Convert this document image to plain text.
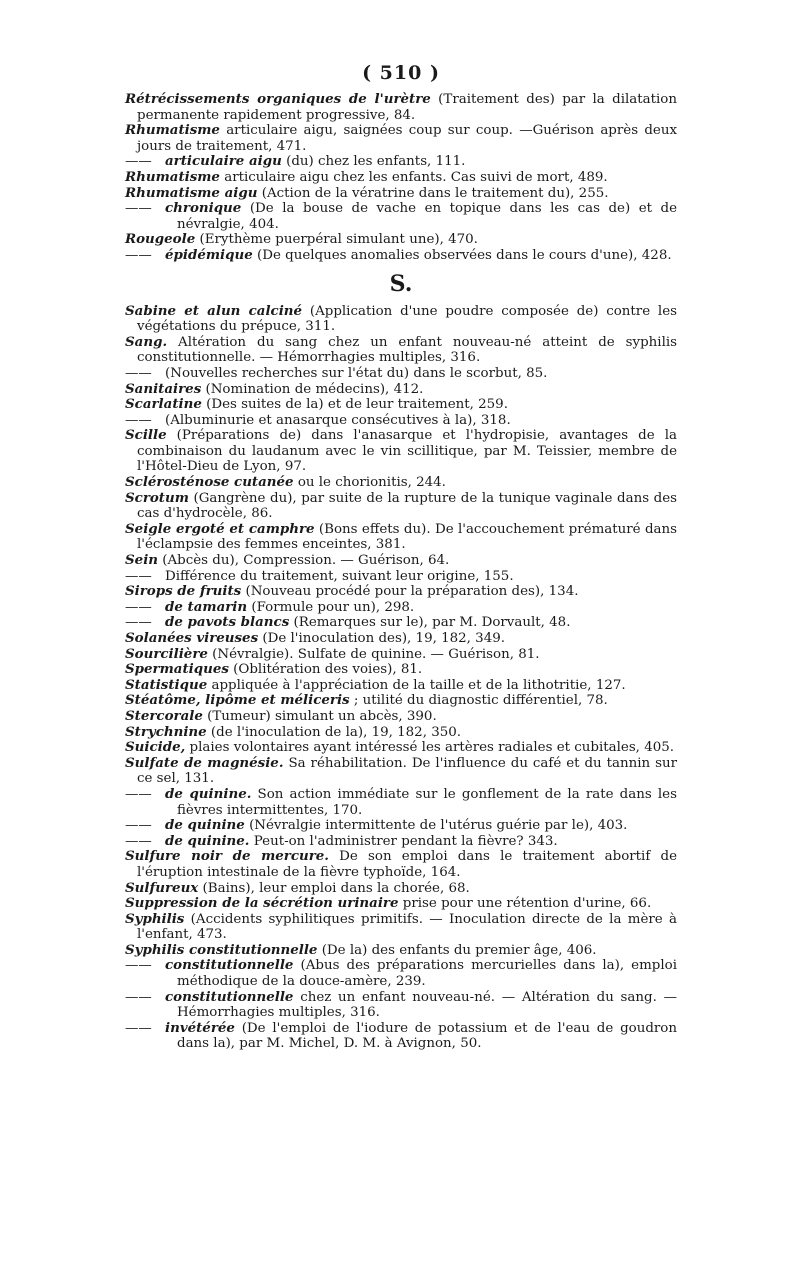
( 510 )
Rétrécissements organiques de l'urètre (Traitement des) par la dilatation permanente rapidement progressive, 84.
Rhumatisme articulaire aigu, saignées coup sur coup. —Guérison après deux jours de traitement, 471.
—— articulaire aigu (du) chez les enfants, 111.
Rhumatisme articulaire aigu chez les enfants. Cas suivi de mort, 489.
Rhumatisme aigu (Action de la vératrine dans le traitement du), 255.
—— chronique (De la bouse de vache en topique dans les cas de) et de névralgie, 404.
Rougeole (Erythème puerpéral simulant une), 470.
—— épidémique (De quelques anomalies observées dans le cours d'une), 428.
S.
Sabine et alun calciné (Application d'une poudre composée de) contre les végétations du prépuce, 311.
Sang. Altération du sang chez un enfant nouveau-né atteint de syphilis constitutionnelle. — Hémorrhagies multiples, 316.
—— (Nouvelles recherches sur l'état du) dans le scorbut, 85.
Sanitaires (Nomination de médecins), 412.
Scarlatine (Des suites de la) et de leur traitement, 259.
—— (Albuminurie et anasarque consécutives à la), 318.
Scille (Préparations de) dans l'anasarque et l'hydropisie, avantages de la combinaison du laudanum avec le vin scillitique, par M. Teissier, membre de l'Hôtel-Dieu de Lyon, 97.
Sclérosténose cutanée ou le chorionitis, 244.
Scrotum (Gangrène du), par suite de la rupture de la tunique vaginale dans des cas d'hydrocèle, 86.
Seigle ergoté et camphre (Bons effets du). De l'accouchement prématuré dans l'éclampsie des femmes enceintes, 381.
Sein (Abcès du), Compression. — Guérison, 64.
—— Différence du traitement, suivant leur origine, 155.
Sirops de fruits (Nouveau procédé pour la préparation des), 134.
—— de tamarin (Formule pour un), 298.
—— de pavots blancs (Remarques sur le), par M. Dorvault, 48.
Solanées vireuses (De l'inoculation des), 19, 182, 349.
Sourcilière (Névralgie). Sulfate de quinine. — Guérison, 81.
Spermatiques (Oblitération des voies), 81.
Statistique appliquée à l'appréciation de la taille et de la lithotritie, 127.
Stéatôme, lipôme et méliceris ; utilité du diagnostic différentiel, 78.
Stercorale (Tumeur) simulant un abcès, 390.
Strychnine (de l'inoculation de la), 19, 182, 350.
Suicide, plaies volontaires ayant intéressé les artères radiales et cubitales, 405.
Sulfate de magnésie. Sa réhabilitation. De l'influence du café et du tannin sur ce sel, 131.
—— de quinine. Son action immédiate sur le gonflement de la rate dans les fièvres intermittentes, 170.
—— de quinine (Névralgie intermittente de l'utérus guérie par le), 403.
—— de quinine. Peut-on l'administrer pendant la fièvre? 343.
Sulfure noir de mercure. De son emploi dans le traitement abortif de l'éruption intestinale de la fièvre typhoïde, 164.
Sulfureux (Bains), leur emploi dans la chorée, 68.
Suppression de la sécrétion urinaire prise pour une rétention d'urine, 66.
Syphilis (Accidents syphilitiques primitifs. — Inoculation directe de la mère à l'enfant, 473.
Syphilis constitutionnelle (De la) des enfants du premier âge, 406.
—— constitutionnelle (Abus des préparations mercurielles dans la), emploi méthodique de la douce-amère, 239.
—— constitutionnelle chez un enfant nouveau-né. — Altération du sang. — Hémorrhagies multiples, 316.
—— invétérée (De l'emploi de l'iodure de potassium et de l'eau de goudron dans la), par M. Michel, D. M. à Avignon, 50.
